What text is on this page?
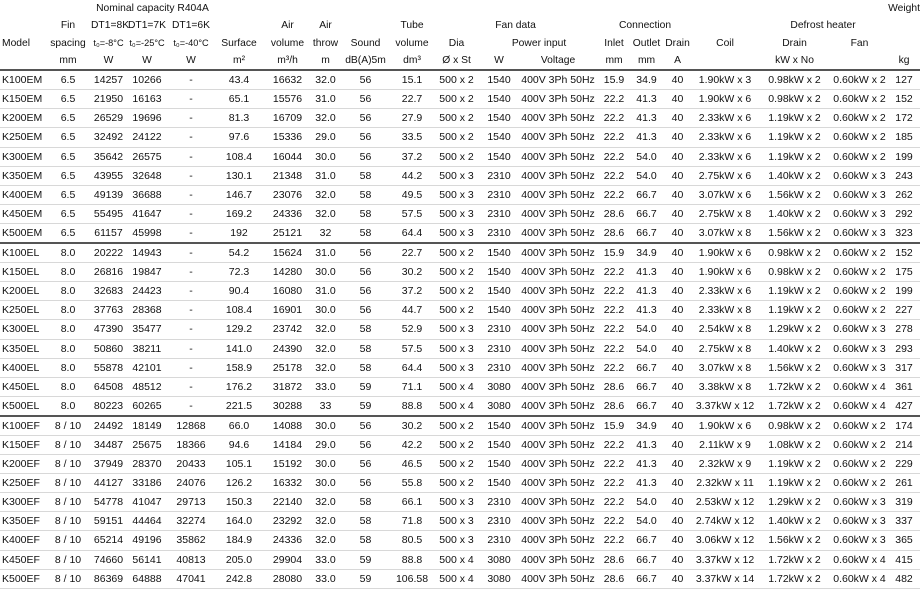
		Nominal capacity R404A																	Weight
	Fin	DT1=8K	DT1=7K	DT1=6K		Air	Air		Tube	Fan data			Connection				Defrost heater		
Model	spacing	t₀=-8°C	t₀=-25°C	t₀=-40°C	Surface	volume	throw	Sound	volume	Dia	Power input		Inlet	Outlet	Drain	Coil	Drain	Fan	
	mm	W	W	W	m²	m³/h	m	dB(A)5m	dm³	Ø x St	W	Voltage	mm	mm	A		kW x No		kg
K100EM	6.5	14257	10266	-	43.4	16632	32.0	56	15.1	500 x 2	1540	400V 3Ph 50Hz	15.9	34.9	40	1.90kW x 3	0.98kW x 2	0.60kW x 2	127
K150EM	6.5	21950	16163	-	65.1	15576	31.0	56	22.7	500 x 2	1540	400V 3Ph 50Hz	22.2	41.3	40	1.90kW x 6	0.98kW x 2	0.60kW x 2	152
K200EM	6.5	26529	19696	-	81.3	16709	32.0	56	27.9	500 x 2	1540	400V 3Ph 50Hz	22.2	41.3	40	2.33kW x 6	1.19kW x 2	0.60kW x 2	172
K250EM	6.5	32492	24122	-	97.6	15336	29.0	56	33.5	500 x 2	1540	400V 3Ph 50Hz	22.2	41.3	40	2.33kW x 6	1.19kW x 2	0.60kW x 2	185
K300EM	6.5	35642	26575	-	108.4	16044	30.0	56	37.2	500 x 2	1540	400V 3Ph 50Hz	22.2	54.0	40	2.33kW x 6	1.19kW x 2	0.60kW x 2	199
K350EM	6.5	43955	32648	-	130.1	21348	31.0	58	44.2	500 x 3	2310	400V 3Ph 50Hz	22.2	54.0	40	2.75kW x 6	1.40kW x 2	0.60kW x 3	243
K400EM	6.5	49139	36688	-	146.7	23076	32.0	58	49.5	500 x 3	2310	400V 3Ph 50Hz	22.2	66.7	40	3.07kW x 6	1.56kW x 2	0.60kW x 3	262
K450EM	6.5	55495	41647	-	169.2	24336	32.0	58	57.5	500 x 3	2310	400V 3Ph 50Hz	28.6	66.7	40	2.75kW x 8	1.40kW x 2	0.60kW x 3	292
K500EM	6.5	61157	45998	-	192	25121	32	58	64.4	500 x 3	2310	400V 3Ph 50Hz	28.6	66.7	40	3.07kW x 8	1.56kW x 2	0.60kW x 3	323
K100EL	8.0	20222	14943	-	54.2	15624	31.0	56	22.7	500 x 2	1540	400V 3Ph 50Hz	15.9	34.9	40	1.90kW x 6	0.98kW x 2	0.60kW x 2	152
K150EL	8.0	26816	19847	-	72.3	14280	30.0	56	30.2	500 x 2	1540	400V 3Ph 50Hz	22.2	41.3	40	1.90kW x 6	0.98kW x 2	0.60kW x 2	175
K200EL	8.0	32683	24423	-	90.4	16080	31.0	56	37.2	500 x 2	1540	400V 3Ph 50Hz	22.2	41.3	40	2.33kW x 6	1.19kW x 2	0.60kW x 2	199
K250EL	8.0	37763	28368	-	108.4	16901	30.0	56	44.7	500 x 2	1540	400V 3Ph 50Hz	22.2	41.3	40	2.33kW x 8	1.19kW x 2	0.60kW x 2	227
K300EL	8.0	47390	35477	-	129.2	23742	32.0	58	52.9	500 x 3	2310	400V 3Ph 50Hz	22.2	54.0	40	2.54kW x 8	1.29kW x 2	0.60kW x 3	278
K350EL	8.0	50860	38211	-	141.0	24390	32.0	58	57.5	500 x 3	2310	400V 3Ph 50Hz	22.2	54.0	40	2.75kW x 8	1.40kW x 2	0.60kW x 3	293
K400EL	8.0	55878	42101	-	158.9	25178	32.0	58	64.4	500 x 3	2310	400V 3Ph 50Hz	22.2	66.7	40	3.07kW x 8	1.56kW x 2	0.60kW x 3	317
K450EL	8.0	64508	48512	-	176.2	31872	33.0	59	71.1	500 x 4	3080	400V 3Ph 50Hz	28.6	66.7	40	3.38kW x 8	1.72kW x 2	0.60kW x 4	361
K500EL	8.0	80223	60265	-	221.5	30288	33	59	88.8	500 x 4	3080	400V 3Ph 50Hz	28.6	66.7	40	3.37kW x 12	1.72kW x 2	0.60kW x 4	427
K100EF	8 / 10	24492	18149	12868	66.0	14088	30.0	56	30.2	500 x 2	1540	400V 3Ph 50Hz	15.9	34.9	40	1.90kW x 6	0.98kW x 2	0.60kW x 2	174
K150EF	8 / 10	34487	25675	18366	94.6	14184	29.0	56	42.2	500 x 2	1540	400V 3Ph 50Hz	22.2	41.3	40	2.11kW x 9	1.08kW x 2	0.60kW x 2	214
K200EF	8 / 10	37949	28370	20433	105.1	15192	30.0	56	46.5	500 x 2	1540	400V 3Ph 50Hz	22.2	41.3	40	2.32kW x 9	1.19kW x 2	0.60kW x 2	229
K250EF	8 / 10	44127	33186	24076	126.2	16332	30.0	56	55.8	500 x 2	1540	400V 3Ph 50Hz	22.2	41.3	40	2.32kW x 11	1.19kW x 2	0.60kW x 2	261
K300EF	8 / 10	54778	41047	29713	150.3	22140	32.0	58	66.1	500 x 3	2310	400V 3Ph 50Hz	22.2	54.0	40	2.53kW x 12	1.29kW x 2	0.60kW x 3	319
K350EF	8 / 10	59151	44464	32274	164.0	23292	32.0	58	71.8	500 x 3	2310	400V 3Ph 50Hz	22.2	54.0	40	2.74kW x 12	1.40kW x 2	0.60kW x 3	337
K400EF	8 / 10	65214	49196	35862	184.9	24336	32.0	58	80.5	500 x 3	2310	400V 3Ph 50Hz	22.2	66.7	40	3.06kW x 12	1.56kW x 2	0.60kW x 3	365
K450EF	8 / 10	74660	56141	40813	205.0	29904	33.0	59	88.8	500 x 4	3080	400V 3Ph 50Hz	28.6	66.7	40	3.37kW x 12	1.72kW x 2	0.60kW x 4	415
K500EF	8 / 10	86369	64888	47041	242.8	28080	33.0	59	106.58	500 x 4	3080	400V 3Ph 50Hz	28.6	66.7	40	3.37kW x 14	1.72kW x 2	0.60kW x 4	482
